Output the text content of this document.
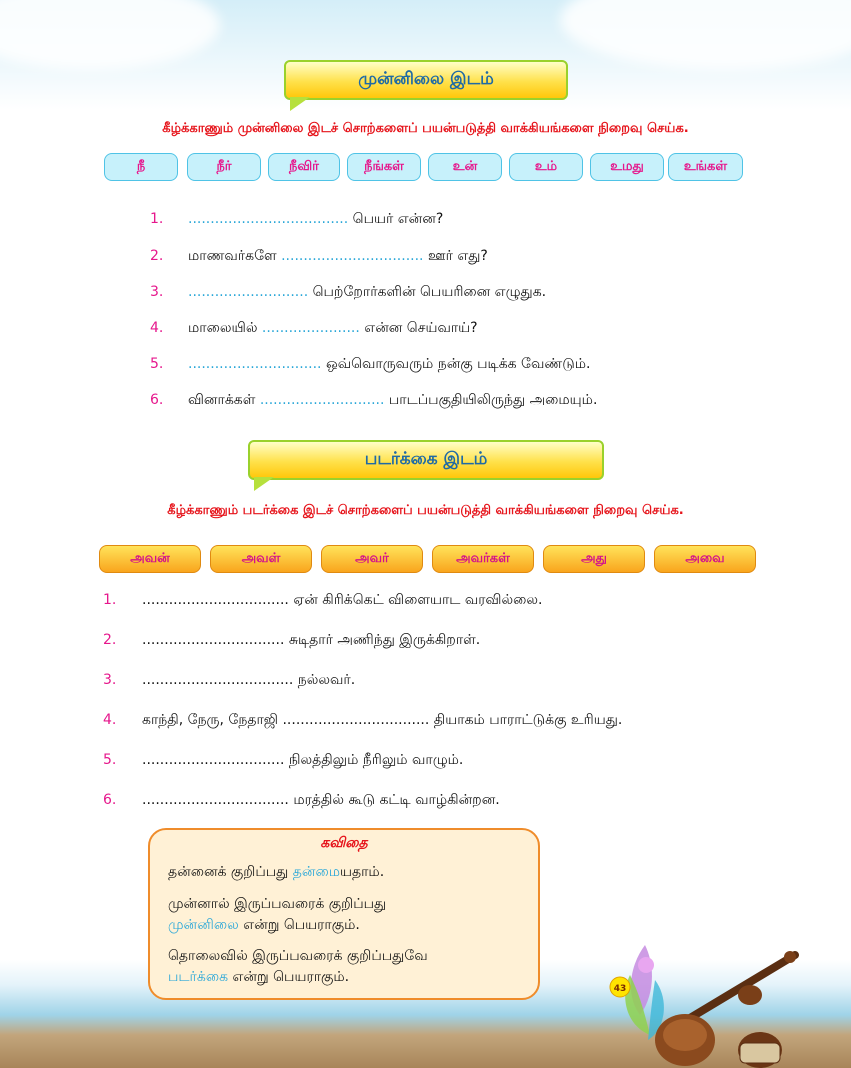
முன்னிலை இடம்
கீழ்க்காணும் முன்னிலை இடச் சொற்களைப் பயன்படுத்தி வாக்கியங்களை நிறைவு செய்க.
நீ	நீர்	நீவிர்	நீங்கள்	உன்	உம்	உமது	உங்கள்
1. .................................... பெயர் என்ன?
2. மாணவர்களே ................................ ஊர் எது?
3. ........................... பெற்றோர்களின் பெயரினை எழுதுக.
4. மாலையில் ...................... என்ன செய்வாய்?
5. .............................. ஒவ்வொருவரும் நன்கு படிக்க வேண்டும்.
6. வினாக்கள் ............................ பாடப்பகுதியிலிருந்து அமையும்.
படர்க்கை இடம்
கீழ்க்காணும் படர்க்கை இடச் சொற்களைப் பயன்படுத்தி வாக்கியங்களை நிறைவு செய்க.
அவன்	அவள்	அவர்	அவர்கள்	அது	அவை
1. ................................. ஏன் கிரிக்கெட் விளையாட வரவில்லை.
2. ................................ சுடிதார் அணிந்து இருக்கிறாள்.
3. .................................. நல்லவர்.
4. காந்தி, நேரு, நேதாஜி ................................. தியாகம் பாராட்டுக்கு உரியது.
5. ................................ நிலத்திலும் நீரிலும் வாழும்.
6. ................................. மரத்தில் கூடு கட்டி வாழ்கின்றன.
கவிதை
தன்னைக் குறிப்பது தன்மையதாம்.
முன்னால் இருப்பவரைக் குறிப்பது
முன்னிலை என்று பெயராகும்.
தொலைவில் இருப்பவரைக் குறிப்பதுவே
படர்க்கை என்று பெயராகும்.
43
